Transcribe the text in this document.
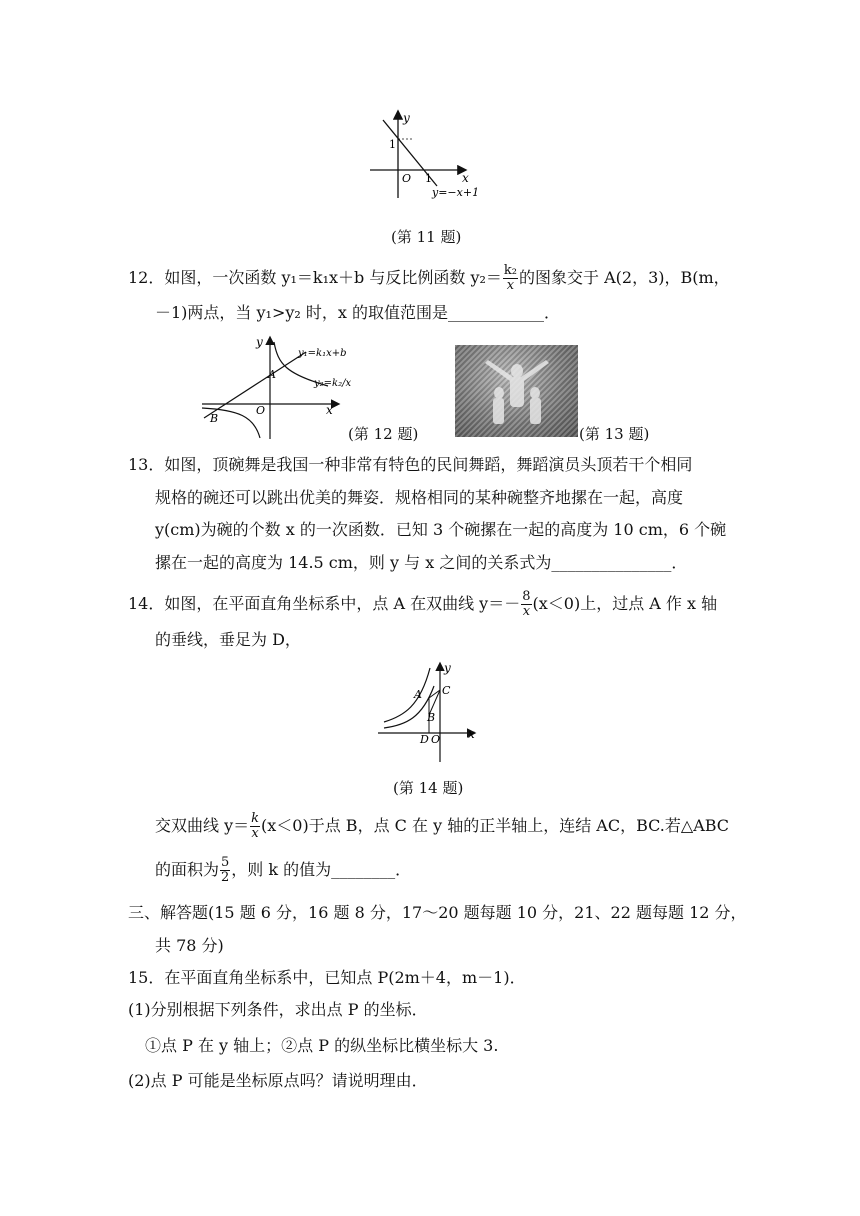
y
x
1
O 1
y=−x+1
(第 11 题)
12．如图，一次函数 y₁＝k₁x＋b 与反比例函数 $y_2= \frac{\text{k₂}}{x}$ 的图象交于 A(2，3)，B(m，
－1)两点，当 y₁>y₂ 时，x 的取值范围是____________．
y
x
O
A
B
y₁=k₁x+b
y₂=k₂/x
(第 12 题)	(第 13 题)
13．如图，顶碗舞是我国一种非常有特色的民间舞蹈，舞蹈演员头顶若干个相同
规格的碗还可以跳出优美的舞姿．规格相同的某种碗整齐地摞在一起，高度
y(cm)为碗的个数 x 的一次函数．已知 3 个碗摞在一起的高度为 10 cm，6 个碗
摞在一起的高度为 14.5 cm，则 y 与 x 之间的关系式为_______________．
14．如图，在平面直角坐标系中，点 A 在双曲线 $y=- \frac{8}{x} (x<0)$上，过点 A 作 x 轴
的垂线，垂足为 D，
y
x
A
B
C
D O
(第 14 题)
交双曲线 $y= \frac{k}{x} (x<0)$于点 B，点 C 在 y 轴的正半轴上，连结 AC，BC.若△ABC
的面积为 $\frac{5}{2}$ ，则 k 的值为________．
三、解答题(15 题 6 分，16 题 8 分，17～20 题每题 10 分，21、22 题每题 12 分，
共 78 分)
15．在平面直角坐标系中，已知点 P(2m＋4，m－1)．
(1)分别根据下列条件，求出点 P 的坐标．
①点 P 在 y 轴上；②点 P 的纵坐标比横坐标大 3.
(2)点 P 可能是坐标原点吗？请说明理由．
